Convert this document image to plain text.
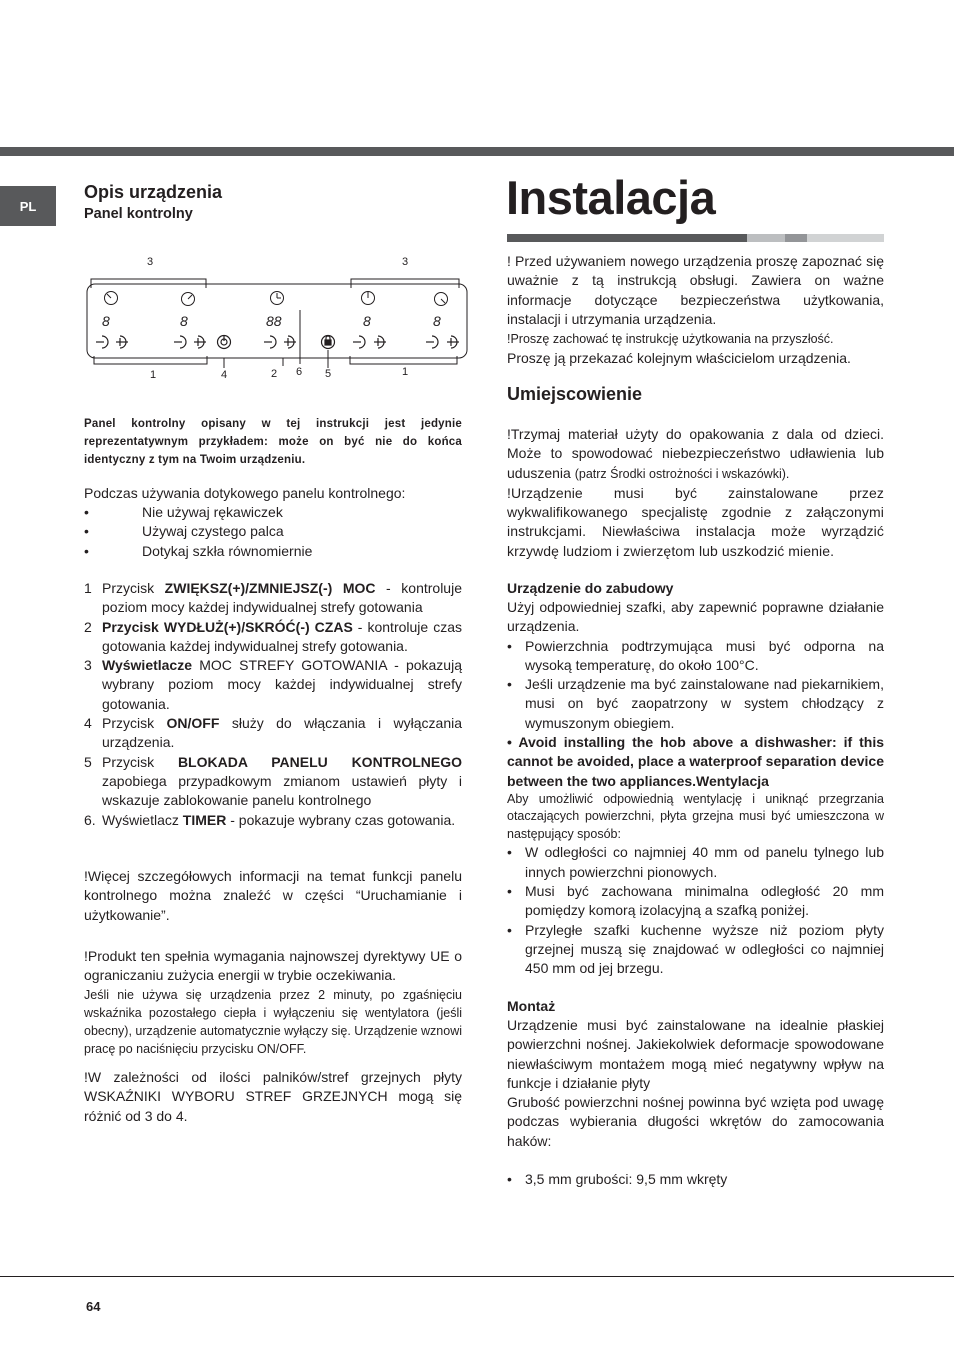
PL
Opis urządzenia
Panel kontrolny
8	8	88	8	8
3	3
1	4	2 6 5	1
Panel kontrolny opisany w tej instrukcji jest jedynie reprezentatywnym przykładem: może on być nie do końca identyczny z tym na Twoim urządzeniu.
Podczas używania dotykowego panelu kontrolnego:
•	Nie używaj rękawiczek
•	Używaj czystego palca
•	Dotykaj szkła równomiernie
1 Przycisk ZWIĘKSZ(+)/ZMNIEJSZ(-) MOC - kontroluje poziom mocy każdej indywidualnej strefy gotowania
2 Przycisk WYDŁUŻ(+)/SKRÓĆ(-) CZAS - kontroluje czas gotowania każdej indywidualnej strefy gotowania.
3 Wyświetlacze MOC STREFY GOTOWANIA - pokazują wybrany poziom mocy każdej indywidualnej strefy gotowania.
4 Przycisk ON/OFF służy do włączania i wyłączania urządzenia.
5 Przycisk BLOKADA PANELU KONTROLNEGO zapobiega przypadkowym zmianom ustawień płyty i wskazuje zablokowanie panelu kontrolnego
6. Wyświetlacz TIMER - pokazuje wybrany czas gotowania.
!Więcej szczegółowych informacji na temat funkcji panelu kontrolnego można znaleźć w części “Uruchamianie i użytkowanie”.
!Produkt ten spełnia wymagania najnowszej dyrektywy UE o ograniczaniu zużycia energii w trybie oczekiwania.
Jeśli nie używa się urządzenia przez 2 minuty, po zgaśnięciu wskaźnika pozostałego ciepła i wyłączeniu się wentylatora (jeśli obecny), urządzenie automatycznie wyłączy się. Urządzenie wznowi pracę po naciśnięciu przycisku ON/OFF.
!W zależności od ilości palników/stref grzejnych płyty WSKAŹNIKI WYBORU STREF GRZEJNYCH mogą się różnić od 3 do 4.
Instalacja
! Przed używaniem nowego urządzenia proszę zapoznać się uważnie z tą instrukcją obsługi. Zawiera on ważne informacje dotyczące bezpieczeństwa użytkowania, instalacji i utrzymania urządzenia.
!Proszę zachować tę instrukcję użytkowania na przyszłość.
Proszę ją przekazać kolejnym właścicielom urządzenia.
Umiejscowienie
!Trzymaj materiał użyty do opakowania z dala od dzieci. Może to spowodować niebezpieczeństwo udławienia lub uduszenia (patrz Środki ostrożności i wskazówki).
!Urządzenie musi być zainstalowane przez wykwalifikowanego specjalistę zgodnie z załączonymi instrukcjami. Niewłaściwa instalacja może wyrządzić krzywdę ludziom i zwierzętom lub uszkodzić mienie.
Urządzenie do zabudowy
Użyj odpowiedniej szafki, aby zapewnić poprawne działanie urządzenia.
• Powierzchnia podtrzymująca musi być odporna na wysoką temperaturę, do około 100°C.
• Jeśli urządzenie ma być zainstalowane nad piekarnikiem, musi on być zaopatrzony w system chłodzący z wymuszonym obiegiem.
• Avoid installing the hob above a dishwasher: if this cannot be avoided, place a waterproof separation device between the two appliances.Wentylacja
Aby umożliwić odpowiednią wentylację i uniknąć przegrzania otaczających powierzchni, płyta grzejna musi być umieszczona w następujący sposób:
• W odległości co najmniej 40 mm od panelu tylnego lub innych powierzchni pionowych.
• Musi być zachowana minimalna odległość 20 mm pomiędzy komorą izolacyjną a szafką poniżej.
• Przyległe szafki kuchenne wyższe niż poziom płyty grzejnej muszą się znajdować w odległości co najmniej 450 mm od jej brzegu.
Montaż
Urządzenie musi być zainstalowane na idealnie płaskiej powierzchni nośnej. Jakiekolwiek deformacje spowodowane niewłaściwym montażem mogą mieć negatywny wpływ na funkcje i działanie płyty
Grubość powierzchni nośnej powinna być wzięta pod uwagę podczas wybierania długości wkrętów do zamocowania haków:
• 3,5 mm grubości: 9,5 mm wkręty
64
